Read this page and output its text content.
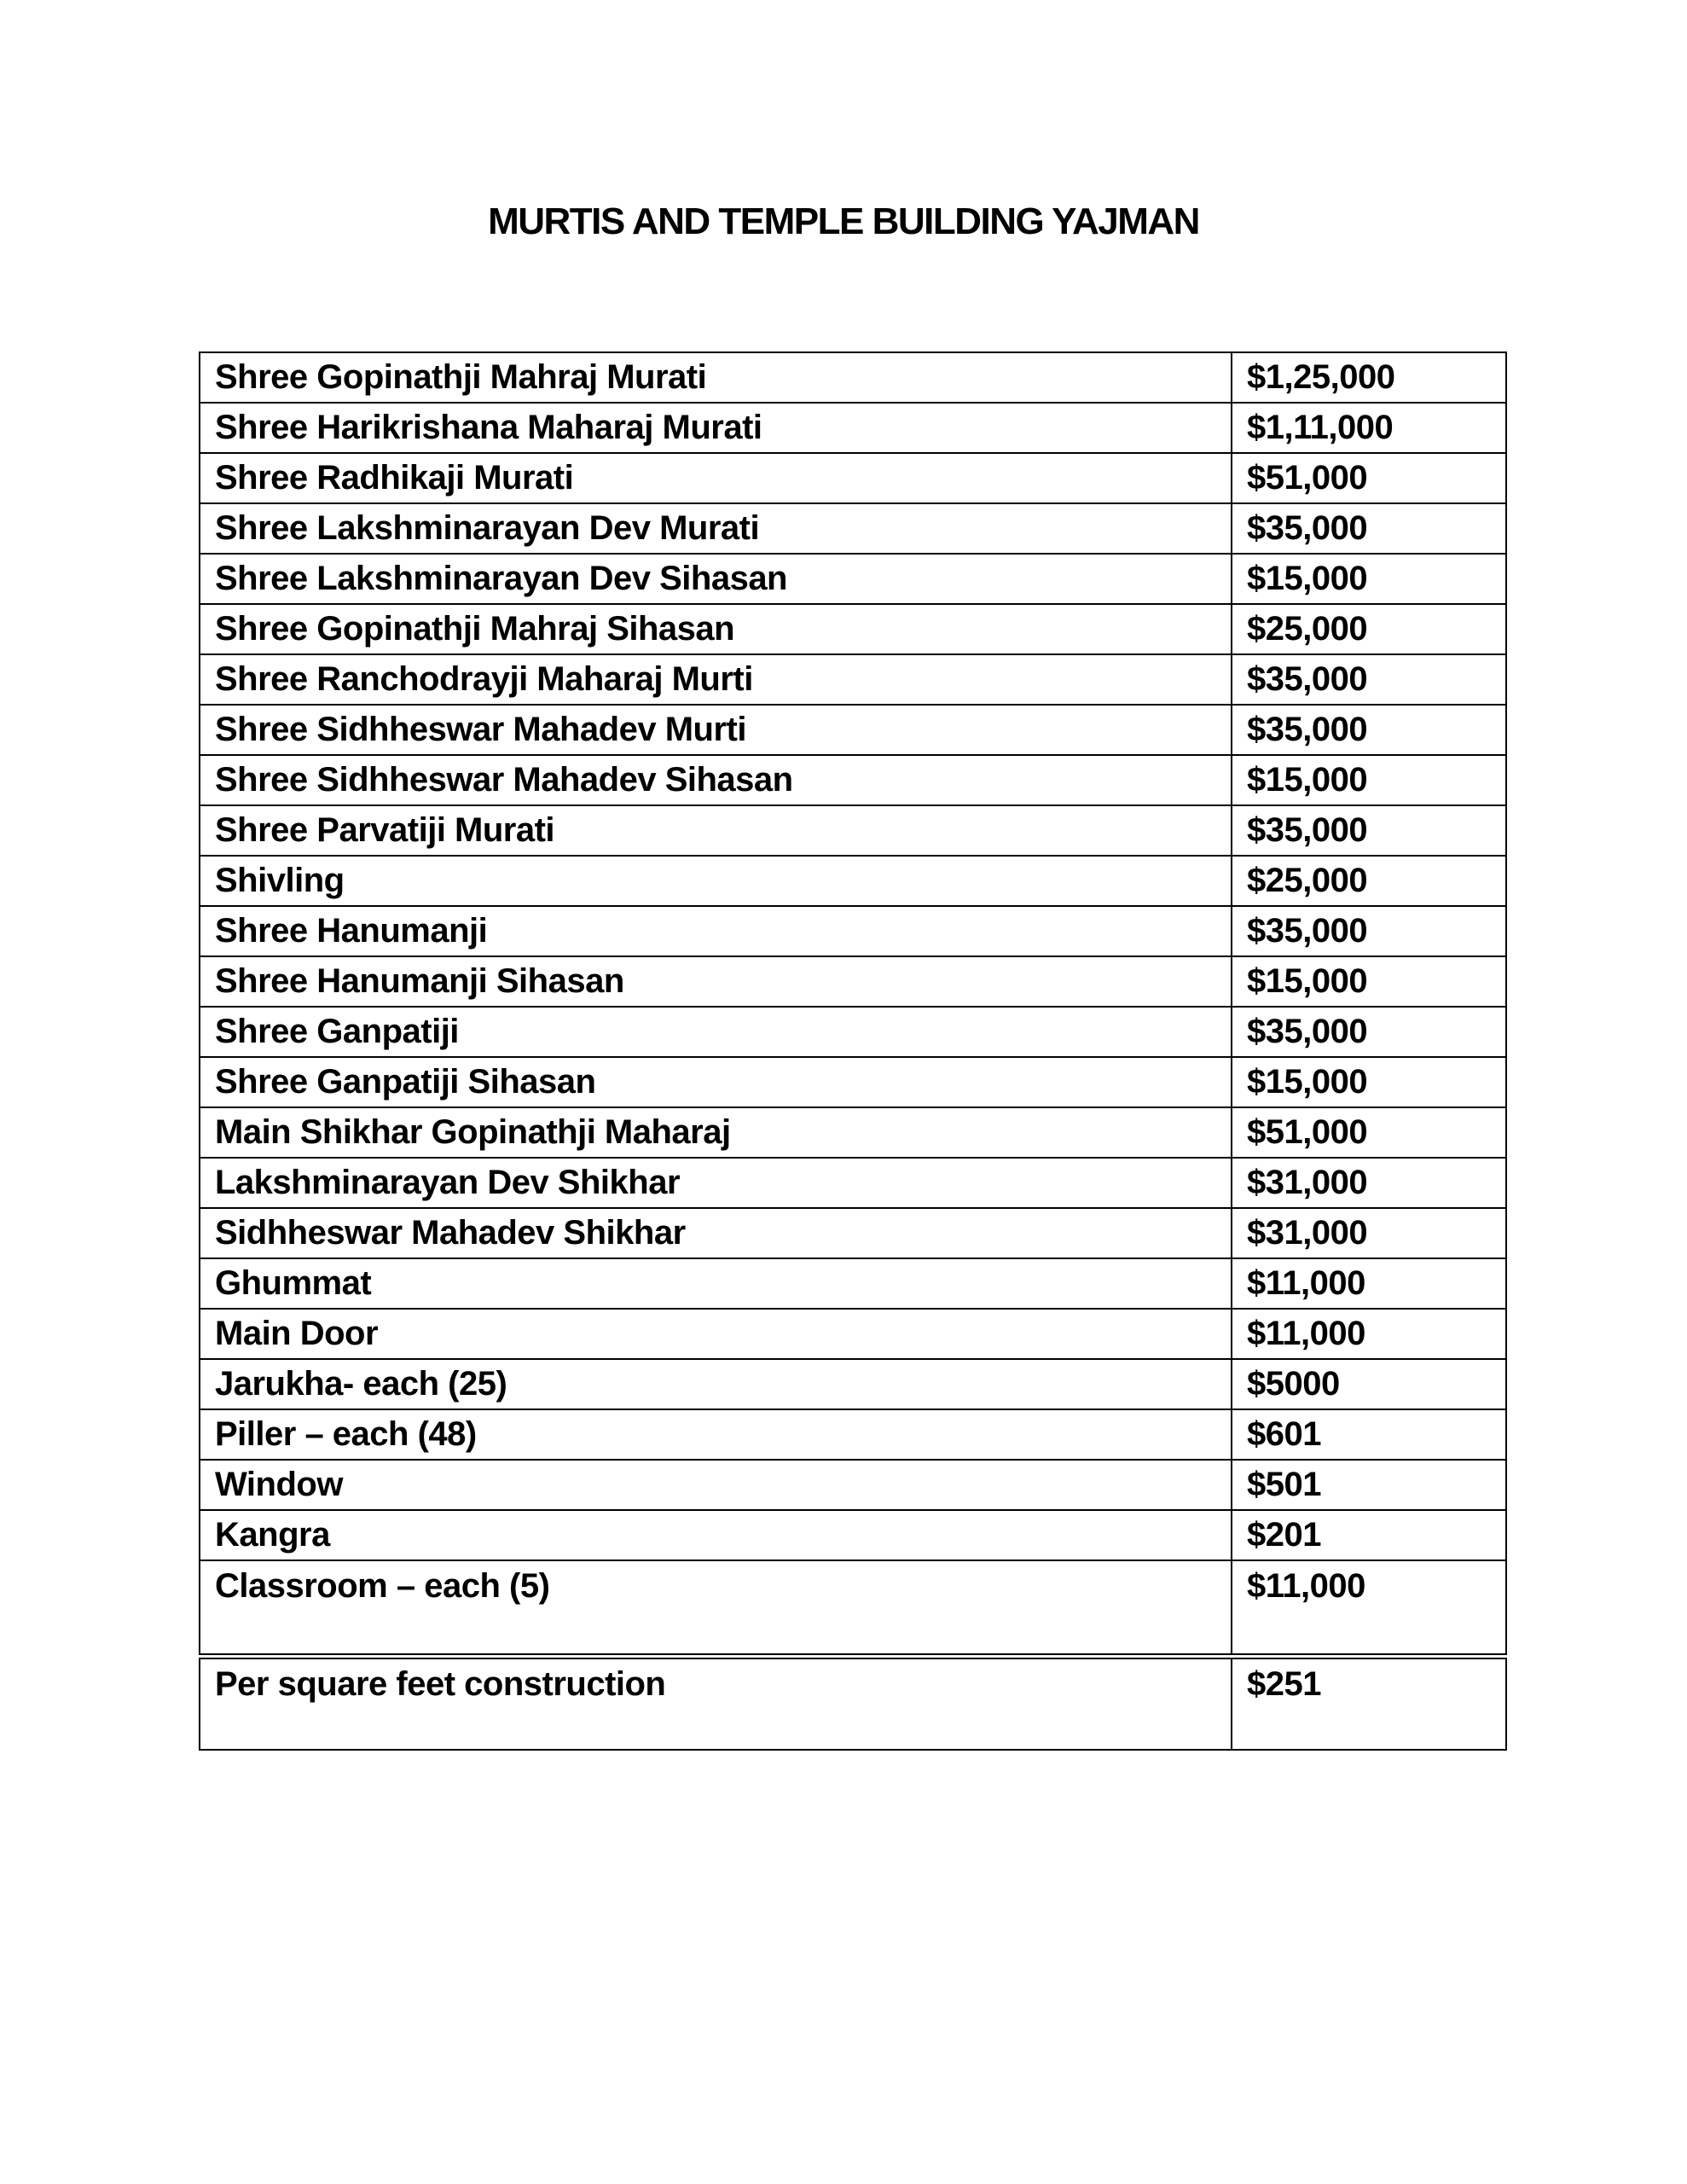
MURTIS AND TEMPLE BUILDING YAJMAN
Shree Gopinathji Mahraj Murati	$1,25,000
Shree Harikrishana Maharaj Murati	$1,11,000
Shree Radhikaji Murati	$51,000
Shree Lakshminarayan Dev Murati	$35,000
Shree Lakshminarayan Dev Sihasan	$15,000
Shree Gopinathji Mahraj Sihasan	$25,000
Shree Ranchodrayji Maharaj Murti	$35,000
Shree Sidhheswar Mahadev Murti	$35,000
Shree Sidhheswar Mahadev Sihasan	$15,000
Shree Parvatiji Murati	$35,000
Shivling	$25,000
Shree Hanumanji	$35,000
Shree Hanumanji Sihasan	$15,000
Shree Ganpatiji	$35,000
Shree Ganpatiji Sihasan	$15,000
Main Shikhar Gopinathji Maharaj	$51,000
Lakshminarayan Dev Shikhar	$31,000
Sidhheswar Mahadev Shikhar	$31,000
Ghummat	$11,000
Main Door	$11,000
Jarukha- each (25)	$5000
Piller – each (48)	$601
Window	$501
Kangra	$201
Classroom – each (5)	$11,000
Per square feet construction	$251
